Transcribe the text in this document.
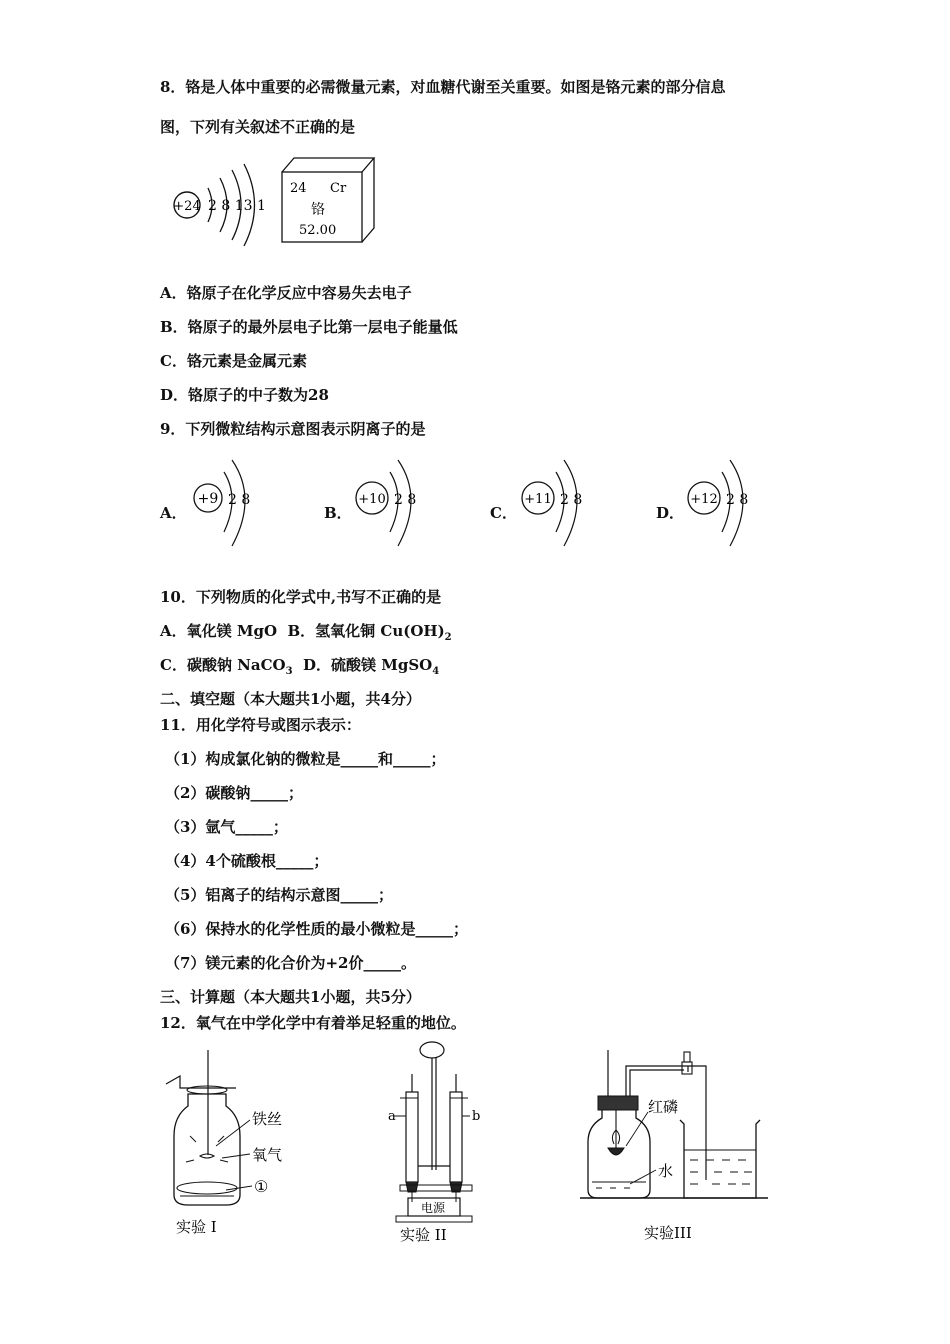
8．铬是人体中重要的必需微量元素，对血糖代谢至关重要。如图是铬元素的部分信息
图，下列有关叙述不正确的是
+24 2 8 13 1
24 Cr
铬
52.00
A．铬原子在化学反应中容易失去电子
B．铬原子的最外层电子比第一层电子能量低
C．铬元素是金属元素
D．铬原子的中子数为28
9．下列微粒结构示意图表示阴离子的是
A．
+9 2 8
B．
+10 2 8
C．
+11 2 8
D．
+12 2 8
10．下列物质的化学式中,书写不正确的是
A．氧化镁 MgO B．氢氧化铜 $Cu(OH)_2$
C．碳酸钠 NaCO$_3$ D．硫酸镁 MgSO$_4$
二、填空题（本大题共1小题，共4分）
11．用化学符号或图示表示：
（1）构成氯化钠的微粒是_____和_____；
（2）碳酸钠_____；
（3）氩气_____；
（4）4个硫酸根_____；
（5）铝离子的结构示意图_____；
（6）保持水的化学性质的最小微粒是_____；
（7）镁元素的化合价为+2价_____。
三、计算题（本大题共1小题，共5分）
12．氧气在中学化学中有着举足轻重的地位。
铁丝
氧气
①
实验 I
电源
a	b
实验 II
红磷
水
实验III
